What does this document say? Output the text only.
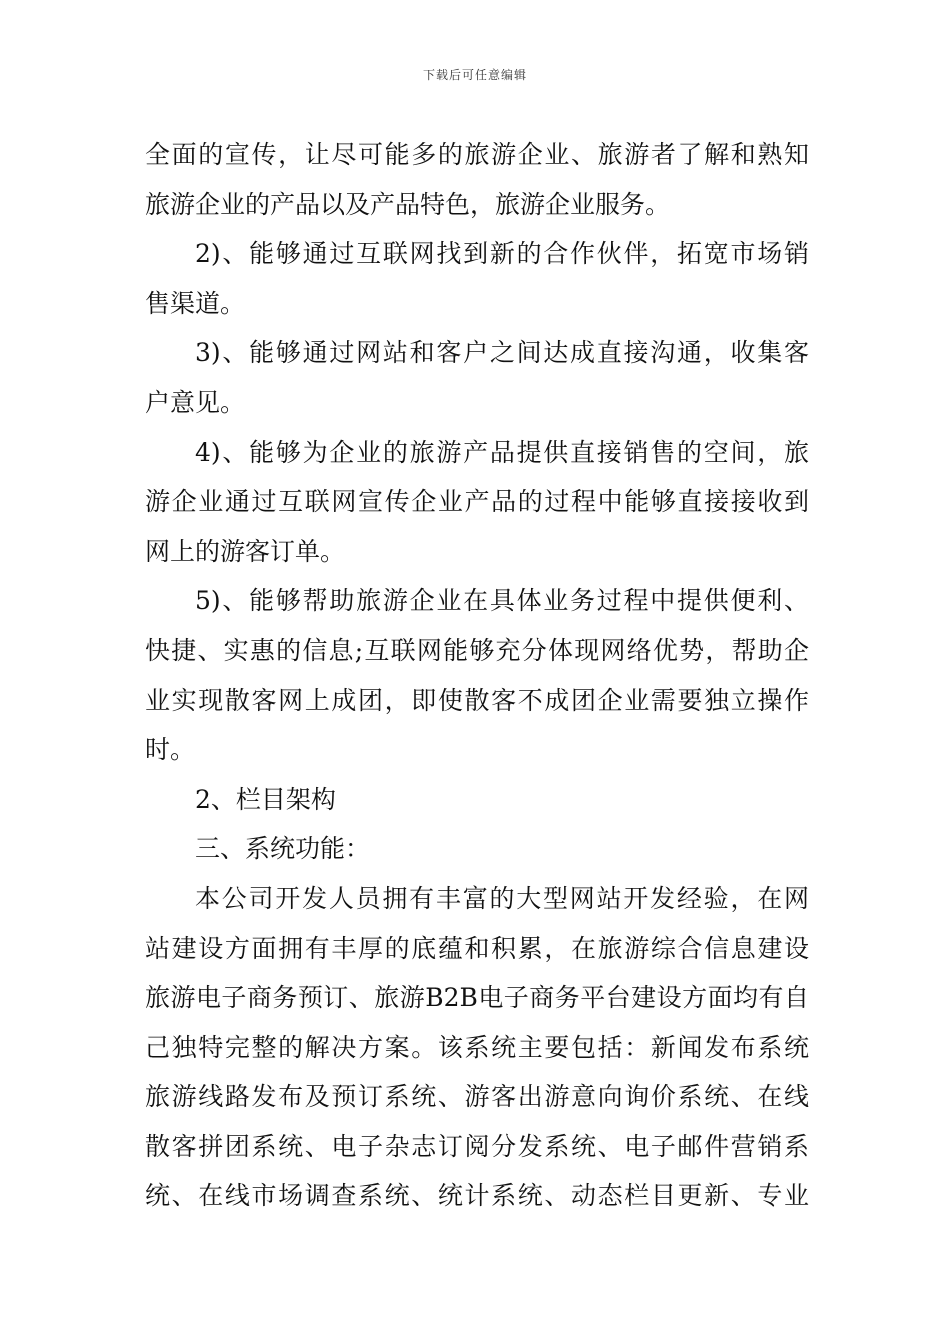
下载后可任意编辑
全面的宣传，让尽可能多的旅游企业、旅游者了解和熟知
旅游企业的产品以及产品特色，旅游企业服务。
2)、能够通过互联网找到新的合作伙伴，拓宽市场销
售渠道。
3)、能够通过网站和客户之间达成直接沟通，收集客
户意见。
4)、能够为企业的旅游产品提供直接销售的空间，旅
游企业通过互联网宣传企业产品的过程中能够直接接收到
网上的游客订单。
5)、能够帮助旅游企业在具体业务过程中提供便利、
快捷、实惠的信息;互联网能够充分体现网络优势，帮助企
业实现散客网上成团，即使散客不成团企业需要独立操作
时。
2、栏目架构
三、系统功能：
本公司开发人员拥有丰富的大型网站开发经验，在网
站建设方面拥有丰厚的底蕴和积累，在旅游综合信息建设
旅游电子商务预订、旅游B2B电子商务平台建设方面均有自
己独特完整的解决方案。该系统主要包括：新闻发布系统
旅游线路发布及预订系统、游客出游意向询价系统、在线
散客拼团系统、电子杂志订阅分发系统、电子邮件营销系
统、在线市场调查系统、统计系统、动态栏目更新、专业
